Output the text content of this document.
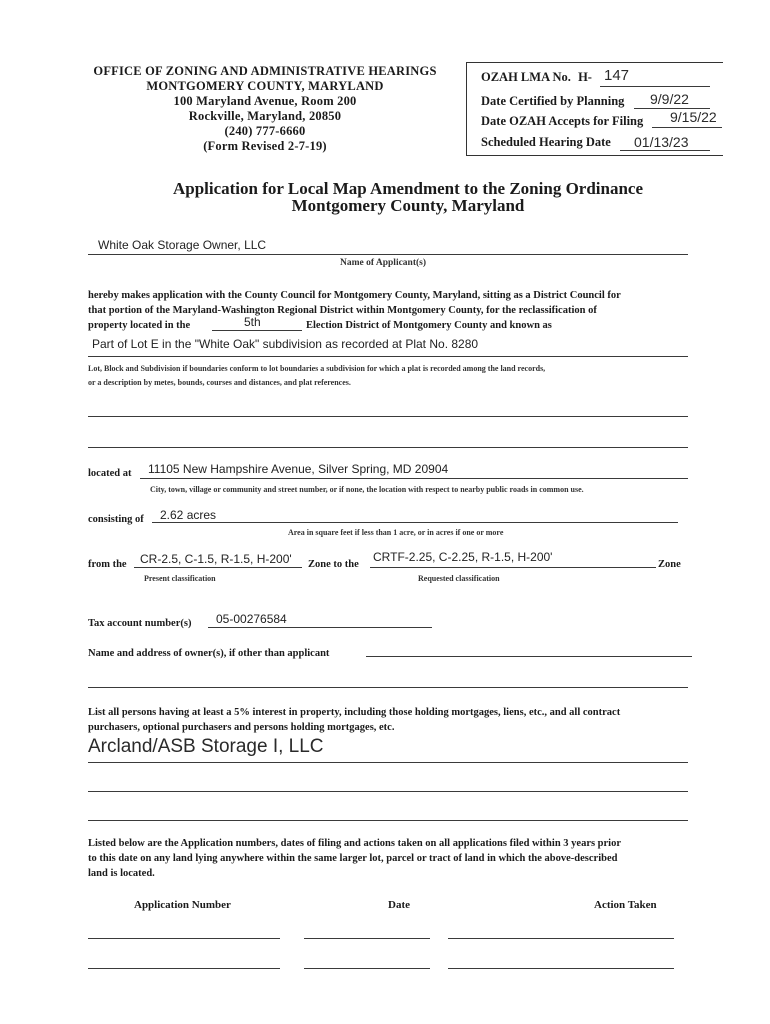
OFFICE OF ZONING AND ADMINISTRATIVE HEARINGS
MONTGOMERY COUNTY, MARYLAND
100 Maryland Avenue, Room 200
Rockville, Maryland, 20850
(240) 777-6660
(Form Revised 2-7-19)
OZAH LMA No. H- 147
Date Certified by Planning 9/9/22
Date OZAH Accepts for Filing 9/15/22
Scheduled Hearing Date 01/13/23
Application for Local Map Amendment to the Zoning Ordinance
Montgomery County, Maryland
White Oak Storage Owner, LLC
Name of Applicant(s)
hereby makes application with the County Council for Montgomery County, Maryland, sitting as a District Council for
that portion of the Maryland-Washington Regional District within Montgomery County, for the reclassification of
property located in the	5th	Election District of Montgomery County and known as
Part of Lot E in the "White Oak" subdivision as recorded at Plat No. 8280
Lot, Block and Subdivision if boundaries conform to lot boundaries a subdivision for which a plat is recorded among the land records,
or a description by metes, bounds, courses and distances, and plat references.
located at 11105 New Hampshire Avenue, Silver Spring, MD 20904
City, town, village or community and street number, or if none, the location with respect to nearby public roads in common use.
consisting of 2.62 acres
Area in square feet if less than 1 acre, or in acres if one or more
from the CR-2.5, C-1.5, R-1.5, H-200' Zone to the
CRTF-2.25, C-2.25, R-1.5, H-200'
Zone
Present classification	Requested classification
Tax account number(s) 05-00276584
Name and address of owner(s), if other than applicant
List all persons having at least a 5% interest in property, including those holding mortgages, liens, etc., and all contract
purchasers, optional purchasers and persons holding mortgages, etc.
Arcland/ASB Storage I, LLC
Listed below are the Application numbers, dates of filing and actions taken on all applications filed within 3 years prior
to this date on any land lying anywhere within the same larger lot, parcel or tract of land in which the above-described
land is located.
Application Number	Date	Action Taken
